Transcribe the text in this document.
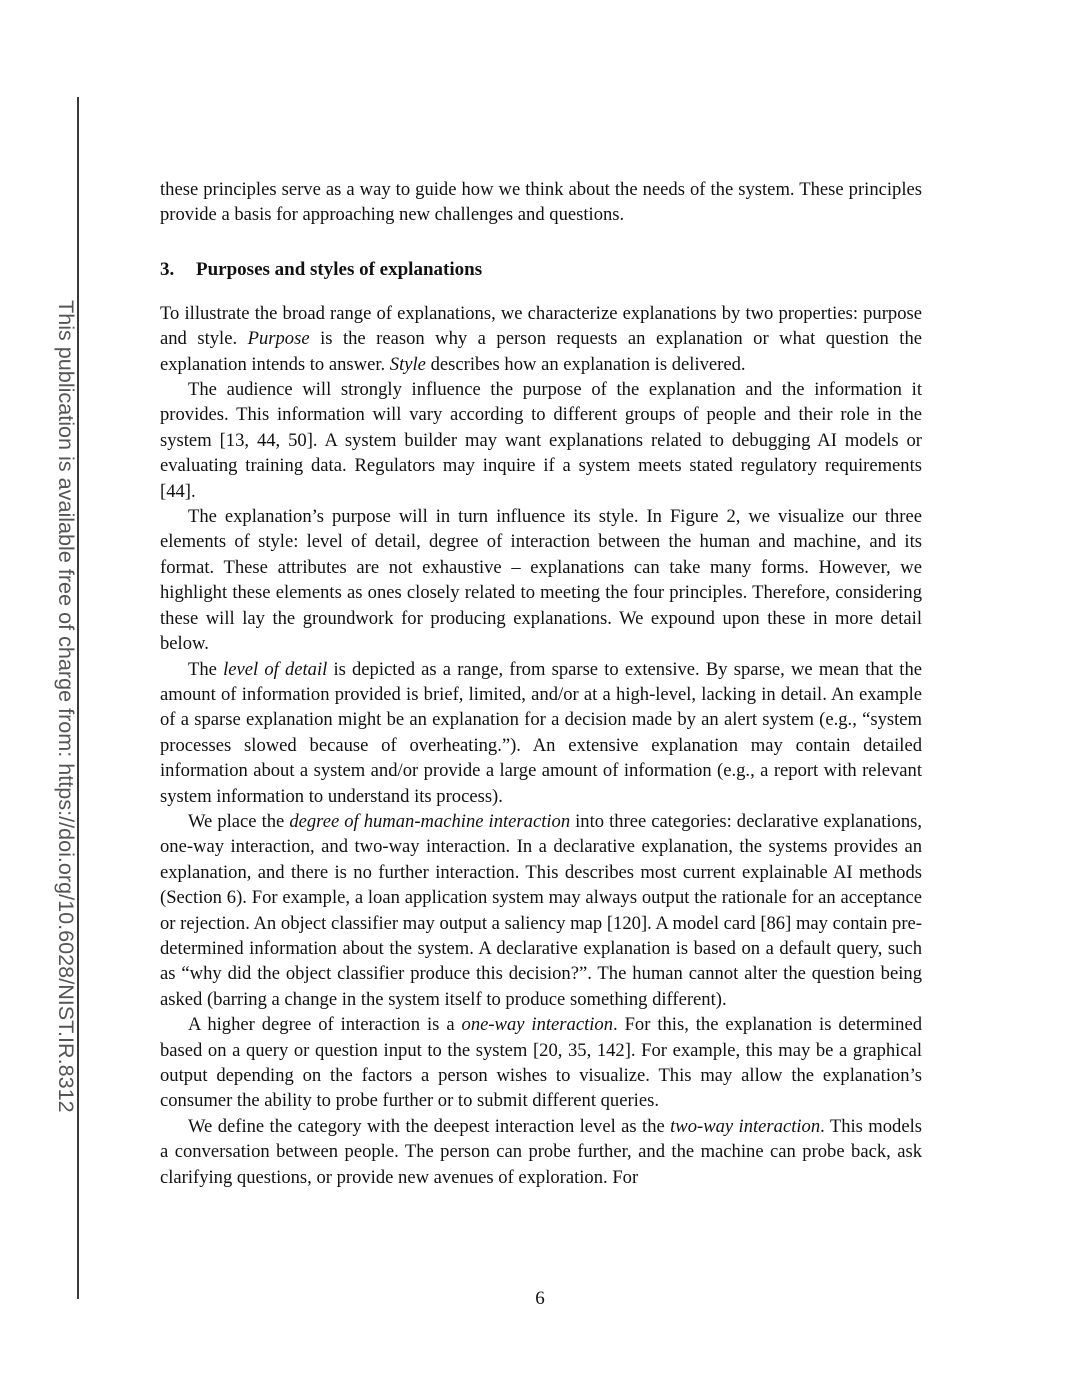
This publication is available free of charge from: https://doi.org/10.6028/NIST.IR.8312

these principles serve as a way to guide how we think about the needs of the system. These principles provide a basis for approaching new challenges and questions.

3. Purposes and styles of explanations

To illustrate the broad range of explanations, we characterize explanations by two properties: purpose and style. Purpose is the reason why a person requests an explanation or what question the explanation intends to answer. Style describes how an explanation is delivered.

The audience will strongly influence the purpose of the explanation and the information it provides. This information will vary according to different groups of people and their role in the system [13, 44, 50]. A system builder may want explanations related to debugging AI models or evaluating training data. Regulators may inquire if a system meets stated regulatory requirements [44].

The explanation’s purpose will in turn influence its style. In Figure 2, we visualize our three elements of style: level of detail, degree of interaction between the human and machine, and its format. These attributes are not exhaustive – explanations can take many forms. However, we highlight these elements as ones closely related to meeting the four principles. Therefore, considering these will lay the groundwork for producing explanations. We expound upon these in more detail below.

The level of detail is depicted as a range, from sparse to extensive. By sparse, we mean that the amount of information provided is brief, limited, and/or at a high-level, lacking in detail. An example of a sparse explanation might be an explanation for a decision made by an alert system (e.g., “system processes slowed because of overheating.”). An extensive explanation may contain detailed information about a system and/or provide a large amount of information (e.g., a report with relevant system information to understand its process).

We place the degree of human-machine interaction into three categories: declarative explanations, one-way interaction, and two-way interaction. In a declarative explanation, the systems provides an explanation, and there is no further interaction. This describes most current explainable AI methods (Section 6). For example, a loan application system may always output the rationale for an acceptance or rejection. An object classifier may output a saliency map [120]. A model card [86] may contain pre-determined information about the system. A declarative explanation is based on a default query, such as “why did the object classifier produce this decision?”. The human cannot alter the question being asked (barring a change in the system itself to produce something different).

A higher degree of interaction is a one-way interaction. For this, the explanation is determined based on a query or question input to the system [20, 35, 142]. For example, this may be a graphical output depending on the factors a person wishes to visualize. This may allow the explanation’s consumer the ability to probe further or to submit different queries.

We define the category with the deepest interaction level as the two-way interaction. This models a conversation between people. The person can probe further, and the machine can probe back, ask clarifying questions, or provide new avenues of exploration. For

6
